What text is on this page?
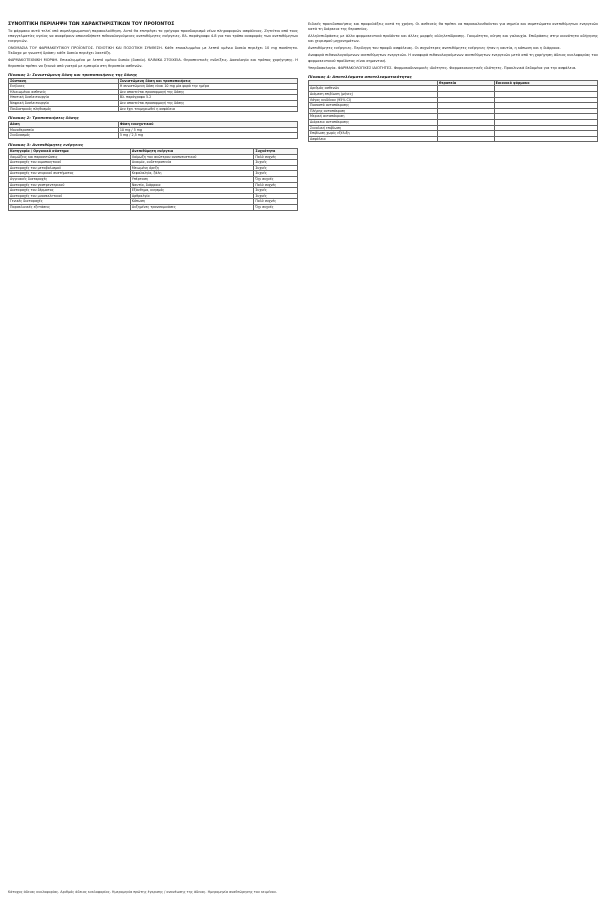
ΣΥΝΟΠΤΙΚΗ ΠΕΡΙΛΗΨΗ ΤΩΝ ΧΑΡΑΚΤΗΡΙΣΤΙΚΩΝ ΤΟΥ ΠΡΟΪΟΝΤΟΣ

Το φάρμακο αυτό τελεί υπό συμπληρωματική παρακολούθηση. Αυτό θα επιτρέψει το γρήγορο προσδιορισμό νέων πληροφοριών ασφάλειας. Ζητείται από τους επαγγελματίες υγείας να αναφέρουν οποιεσδήποτε πιθανολογούμενες ανεπιθύμητες ενέργειες. Βλ. παράγραφο 4.8 για τον τρόπο αναφοράς των ανεπιθύμητων ενεργειών.

ΟΝΟΜΑΣΙΑ ΤΟΥ ΦΑΡΜΑΚΕΥΤΙΚΟΥ ΠΡΟΪΟΝΤΟΣ. ΠΟΙΟΤΙΚΗ ΚΑΙ ΠΟΣΟΤΙΚΗ ΣΥΝΘΕΣΗ. Κάθε επικαλυμμένο με λεπτό υμένιο δισκίο περιέχει 10 mg ποσότητα. Έκδοχα με γνωστή δράση: κάθε δισκίο περιέχει λακτόζη.

ΦΑΡΜΑΚΟΤΕΧΝΙΚΗ ΜΟΡΦΗ. Επικαλυμμένο με λεπτό υμένιο δισκίο (δισκίο). ΚΛΙΝΙΚΑ ΣΤΟΙΧΕΙΑ. Θεραπευτικές ενδείξεις. Δοσολογία και τρόπος χορήγησης. Η θεραπεία πρέπει να ξεκινά από γιατρό με εμπειρία στη θεραπεία ασθενών.

Πίνακας 1: Συνιστώμενη δόση και τροποποιήσεις της δόσης
Σύσταση	Συνιστώμενη δόση και τροποποιήσεις
Ενήλικες	Η συνιστώμενη δόση είναι 10 mg μία φορά την ημέρα
Ηλικιωμένοι ασθενείς	Δεν απαιτείται προσαρμογή της δόσης
Ηπατική δυσλειτουργία	Βλ. παράγραφο 5.2
Νεφρική δυσλειτουργία	Δεν απαιτείται προσαρμογή της δόσης
Παιδιατρικός πληθυσμός	Δεν έχει τεκμηριωθεί η ασφάλεια
Πίνακας 2: Τροποποιήσεις δόσης
Δόση	Φάση ενισχυτικού
Μονοθεραπεία	10 mg / 5 mg
Συνδυασμός	5 mg / 2,5 mg
Πίνακας 3: Ανεπιθύμητες ενέργειες
Κατηγορία / Οργανικό σύστημα	Ανεπιθύμητη ενέργεια	Συχνότητα
Λοιμώξεις και παρασιτώσεις	Λοίμωξη του ανώτερου αναπνευστικού	Πολύ συχνές
Διαταραχές του αιμοποιητικού	Αναιμία, ουδετεροπενία	Συχνές
Διαταραχές του μεταβολισμού	Μειωμένη όρεξη	Συχνές
Διαταραχές του νευρικού συστήματος	Κεφαλαλγία, ζάλη	Συχνές
Αγγειακές διαταραχές	Υπέρταση	Όχι συχνές
Διαταραχές του γαστρεντερικού	Ναυτία, διάρροια	Πολύ συχνές
Διαταραχές του δέρματος	Εξάνθημα, κνησμός	Συχνές
Διαταραχές του μυοσκελετικού	Αρθραλγία	Συχνές
Γενικές διαταραχές	Κόπωση	Πολύ συχνές
Παρακλινικές εξετάσεις	Αυξημένες τρανσαμινάσες	Όχι συχνές

Ειδικές προειδοποιήσεις και προφυλάξεις κατά τη χρήση. Οι ασθενείς θα πρέπει να παρακολουθούνται για σημεία και συμπτώματα ανεπιθύμητων ενεργειών κατά τη διάρκεια της θεραπείας.

Αλληλεπιδράσεις με άλλα φαρμακευτικά προϊόντα και άλλες μορφές αλληλεπίδρασης. Γονιμότητα, κύηση και γαλουχία. Επιδράσεις στην ικανότητα οδήγησης και χειρισμού μηχανημάτων.

Ανεπιθύμητες ενέργειες. Περίληψη του προφίλ ασφάλειας. Οι συχνότερες ανεπιθύμητες ενέργειες ήταν η ναυτία, η κόπωση και η διάρροια.

Αναφορά πιθανολογούμενων ανεπιθύμητων ενεργειών. Η αναφορά πιθανολογούμενων ανεπιθύμητων ενεργειών μετά από τη χορήγηση άδειας κυκλοφορίας του φαρμακευτικού προϊόντος είναι σημαντική.

Υπερδοσολογία. ΦΑΡΜΑΚΟΛΟΓΙΚΕΣ ΙΔΙΟΤΗΤΕΣ. Φαρμακοδυναμικές ιδιότητες. Φαρμακοκινητικές ιδιότητες. Προκλινικά δεδομένα για την ασφάλεια.

Πίνακας 4: Αποτελέσματα αποτελεσματικότητας
	Θεραπεία	Εικονικό φάρμακο
Αριθμός ασθενών		
Διάμεση επιβίωση (μήνες)		
Λόγος κινδύνου (95% CI)		
Ποσοστό ανταπόκρισης		
Πλήρης ανταπόκριση		
Μερική ανταπόκριση		
Διάρκεια ανταπόκρισης		
Συνολική επιβίωση		
Επιβίωση χωρίς εξέλιξη		
Ασφάλεια		
Κάτοχος άδειας κυκλοφορίας. Αριθμός άδειας κυκλοφορίας. Ημερομηνία πρώτης έγκρισης / ανανέωσης της άδειας. Ημερομηνία αναθεώρησης του κειμένου.
